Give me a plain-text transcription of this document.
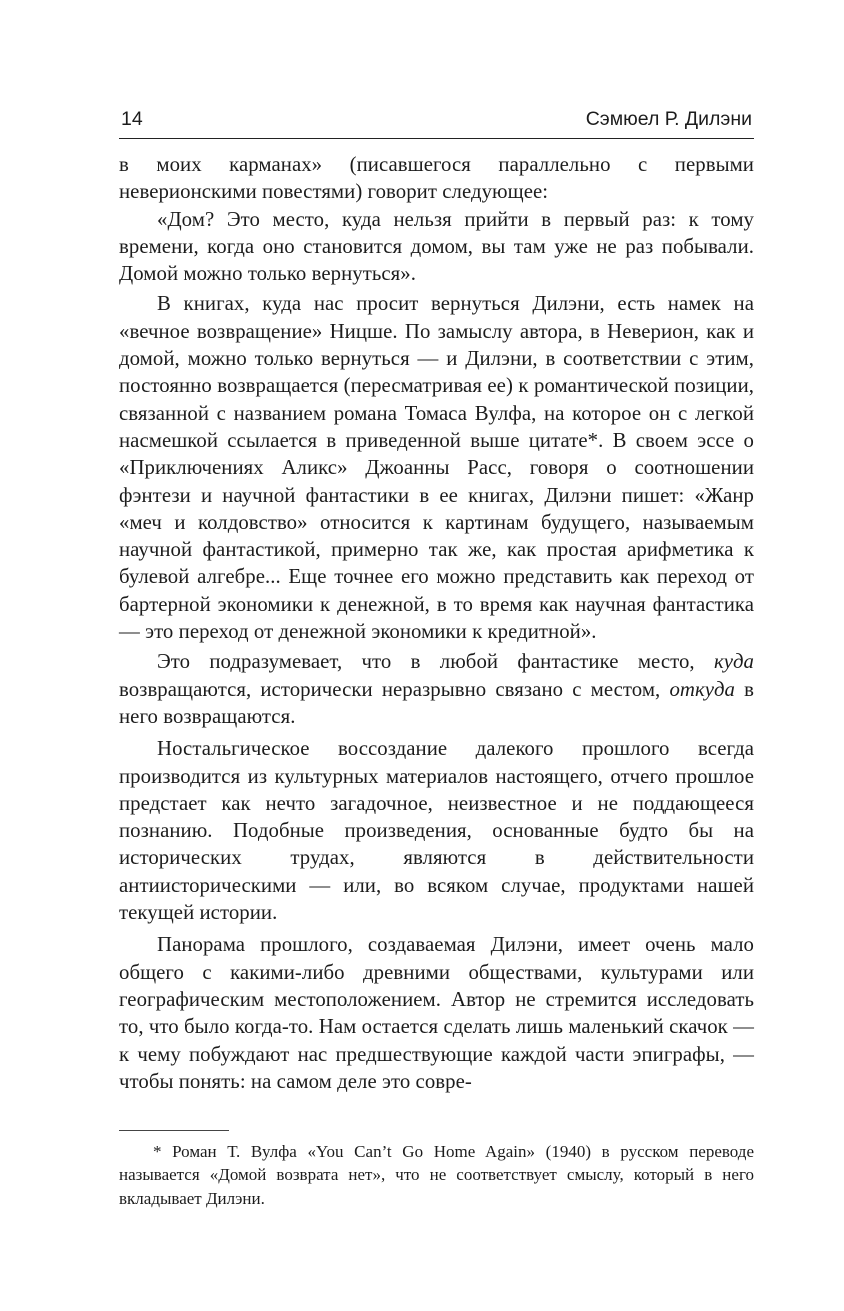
14	Сэмюел Р. Дилэни

в моих карманах» (писавшегося параллельно с первыми неверионскими повестями) говорит следующее:

«Дом? Это место, куда нельзя прийти в первый раз: к тому времени, когда оно становится домом, вы там уже не раз побывали. Домой можно только вернуться».

В книгах, куда нас просит вернуться Дилэни, есть намек на «вечное возвращение» Ницше. По замыслу автора, в Неверион, как и домой, можно только вернуться — и Дилэни, в соответствии с этим, постоянно возвращается (пересматривая ее) к романтической позиции, связанной с названием романа Томаса Вулфа, на которое он с легкой насмешкой ссылается в приведенной выше цитате*. В своем эссе о «Приключениях Аликс» Джоанны Расс, говоря о соотношении фэнтези и научной фантастики в ее книгах, Дилэни пишет: «Жанр «меч и колдовство» относится к картинам будущего, называемым научной фантастикой, примерно так же, как простая арифметика к булевой алгебре... Еще точнее его можно представить как переход от бартерной экономики к денежной, в то время как научная фантастика — это переход от денежной экономики к кредитной».

Это подразумевает, что в любой фантастике место, куда возвращаются, исторически неразрывно связано с местом, откуда в него возвращаются.

Ностальгическое воссоздание далекого прошлого всегда производится из культурных материалов настоящего, отчего прошлое предстает как нечто загадочное, неизвестное и не поддающееся познанию. Подобные произведения, основанные будто бы на исторических трудах, являются в действительности антиисторическими — или, во всяком случае, продуктами нашей текущей истории.

Панорама прошлого, создаваемая Дилэни, имеет очень мало общего с какими-либо древними обществами, культурами или географическим местоположением. Автор не стремится исследовать то, что было когда-то. Нам остается сделать лишь маленький скачок — к чему побуждают нас предшествующие каждой части эпиграфы, — чтобы понять: на самом деле это совре-

* Роман Т. Вулфа «You Can’t Go Home Again» (1940) в русском переводе называется «Домой возврата нет», что не соответствует смыслу, который в него вкладывает Дилэни.
